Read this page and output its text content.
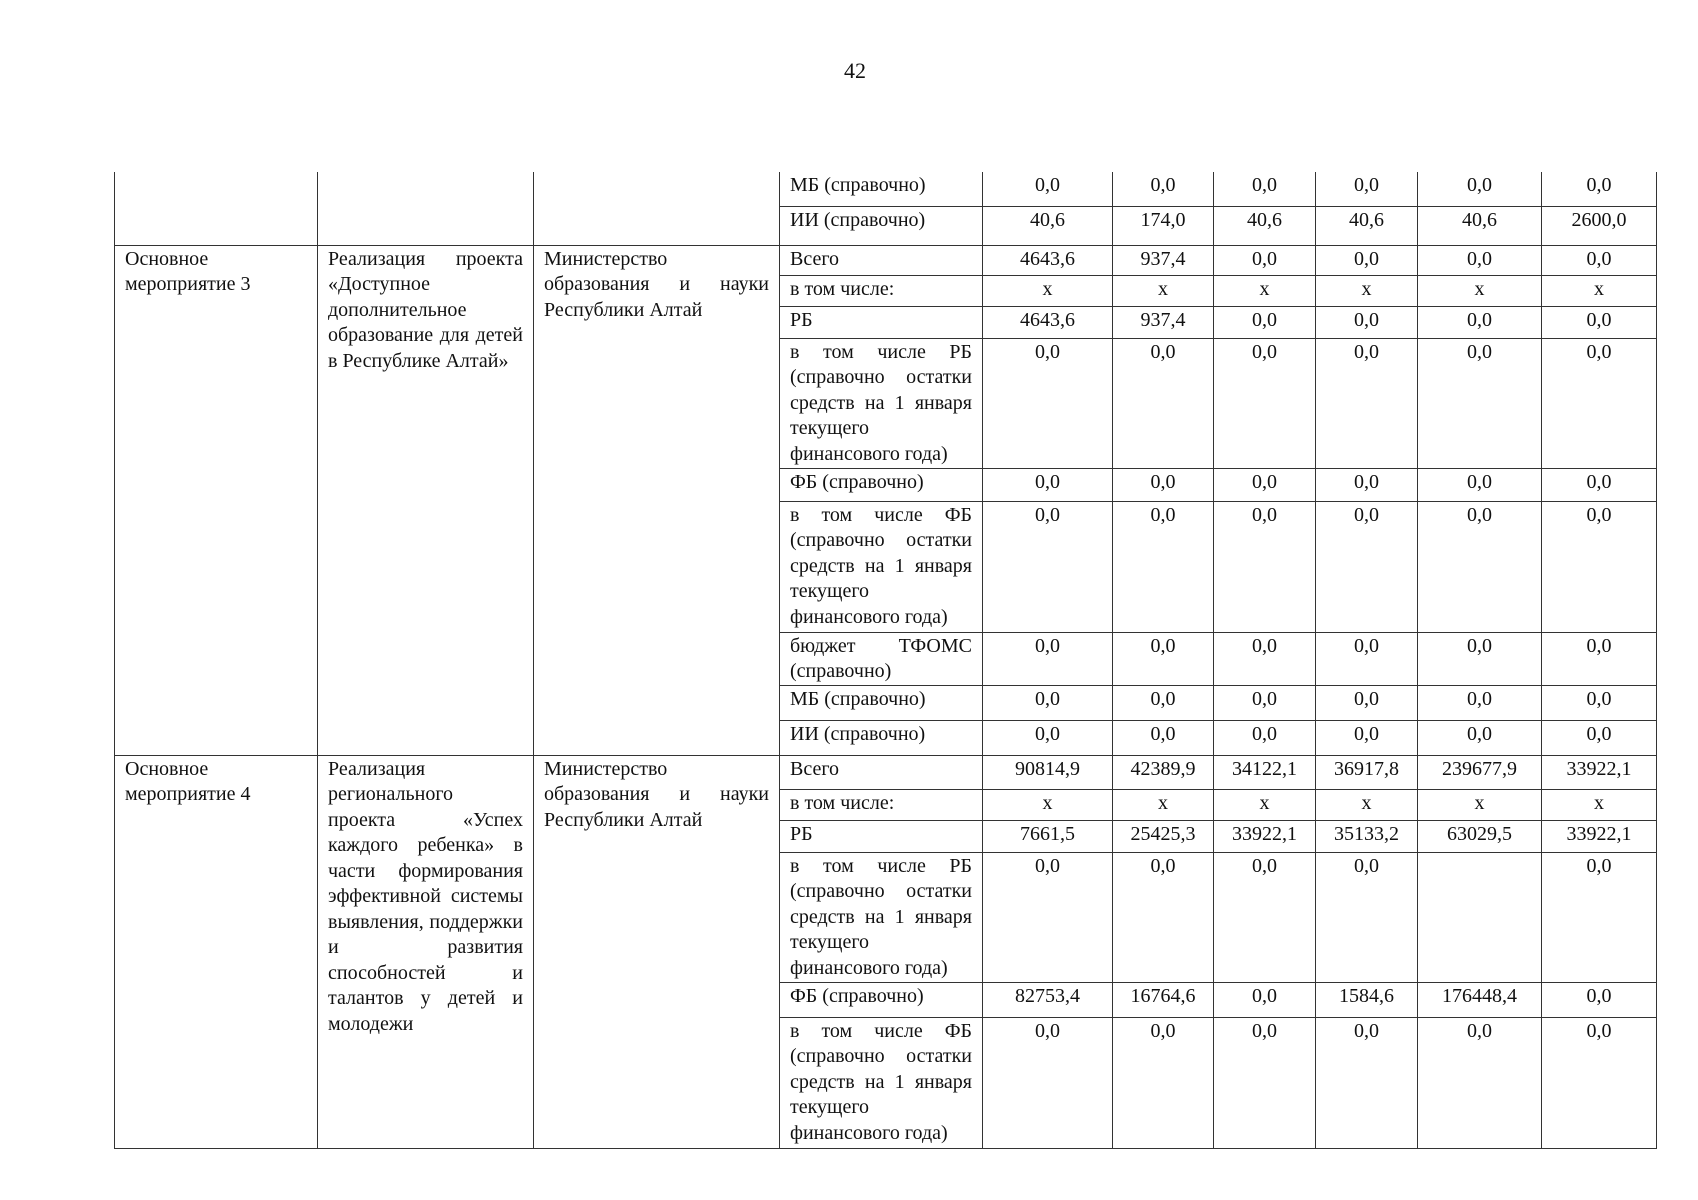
42
			МБ (справочно)	0,0	0,0	0,0	0,0	0,0	0,0
			ИИ (справочно)	40,6	174,0	40,6	40,6	40,6	2600,0
Основное мероприятие 3	Реализация проекта «Доступное дополнительное образование для детей в Республике Алтай»	Министерство образования и науки Республики Алтай	Всего	4643,6	937,4	0,0	0,0	0,0	0,0
			в том числе:	х	х	х	х	х	х
			РБ	4643,6	937,4	0,0	0,0	0,0	0,0
			в том числе РБ (справочно остатки средств на 1 января текущего финансового года)	0,0	0,0	0,0	0,0	0,0	0,0
			ФБ (справочно)	0,0	0,0	0,0	0,0	0,0	0,0
			в том числе ФБ (справочно остатки средств на 1 января текущего финансового года)	0,0	0,0	0,0	0,0	0,0	0,0
			бюджет ТФОМС (справочно)	0,0	0,0	0,0	0,0	0,0	0,0
			МБ (справочно)	0,0	0,0	0,0	0,0	0,0	0,0
			ИИ (справочно)	0,0	0,0	0,0	0,0	0,0	0,0
Основное мероприятие 4	Реализация регионального проекта «Успех каждого ребенка» в части формирования эффективной системы выявления, поддержки и развития способностей и талантов у детей и молодежи	Министерство образования и науки Республики Алтай	Всего	90814,9	42389,9	34122,1	36917,8	239677,9	33922,1
			в том числе:	х	х	х	х	х	х
			РБ	7661,5	25425,3	33922,1	35133,2	63029,5	33922,1
			в том числе РБ (справочно остатки средств на 1 января текущего финансового года)	0,0	0,0	0,0	0,0		0,0
			ФБ (справочно)	82753,4	16764,6	0,0	1584,6	176448,4	0,0
			в том числе ФБ (справочно остатки средств на 1 января текущего финансового года)	0,0	0,0	0,0	0,0	0,0	0,0
